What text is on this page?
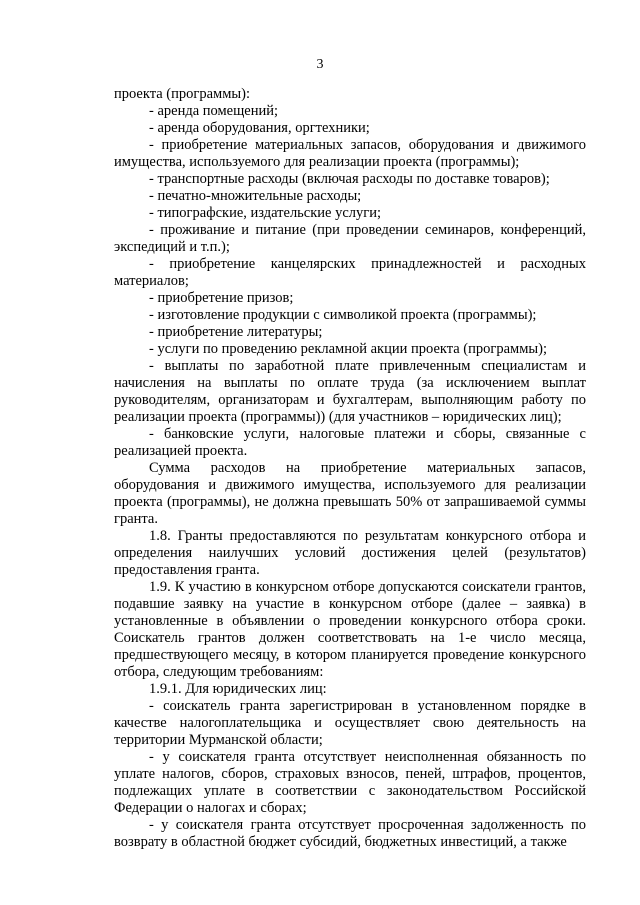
3

проекта (программы):

- аренда помещений;

- аренда оборудования, оргтехники;

- приобретение материальных запасов, оборудования и движимого имущества, используемого для реализации проекта (программы);

- транспортные расходы (включая расходы по доставке товаров);

- печатно-множительные расходы;

- типографские, издательские услуги;

- проживание и питание (при проведении семинаров, конференций, экспедиций и т.п.);

- приобретение канцелярских принадлежностей и расходных материалов;

- приобретение призов;

- изготовление продукции с символикой проекта (программы);

- приобретение литературы;

- услуги по проведению рекламной акции проекта (программы);

- выплаты по заработной плате привлеченным специалистам и начисления на выплаты по оплате труда (за исключением выплат руководителям, организаторам и бухгалтерам, выполняющим работу по реализации проекта (программы)) (для участников – юридических лиц);

- банковские услуги, налоговые платежи и сборы, связанные с реализацией проекта.

Сумма расходов на приобретение материальных запасов, оборудования и движимого имущества, используемого для реализации проекта (программы), не должна превышать 50% от запрашиваемой суммы гранта.

1.8. Гранты предоставляются по результатам конкурсного отбора и определения наилучших условий достижения целей (результатов) предоставления гранта.

1.9. К участию в конкурсном отборе допускаются соискатели грантов, подавшие заявку на участие в конкурсном отборе (далее – заявка) в установленные в объявлении о проведении конкурсного отбора сроки. Соискатель грантов должен соответствовать на 1-е число месяца, предшествующего месяцу, в котором планируется проведение конкурсного отбора, следующим требованиям:

1.9.1. Для юридических лиц:

- соискатель гранта зарегистрирован в установленном порядке в качестве налогоплательщика и осуществляет свою деятельность на территории Мурманской области;

- у соискателя гранта отсутствует неисполненная обязанность по уплате налогов, сборов, страховых взносов, пеней, штрафов, процентов, подлежащих уплате в соответствии с законодательством Российской Федерации о налогах и сборах;

- у соискателя гранта отсутствует просроченная задолженность по возврату в областной бюджет субсидий, бюджетных инвестиций, а также
